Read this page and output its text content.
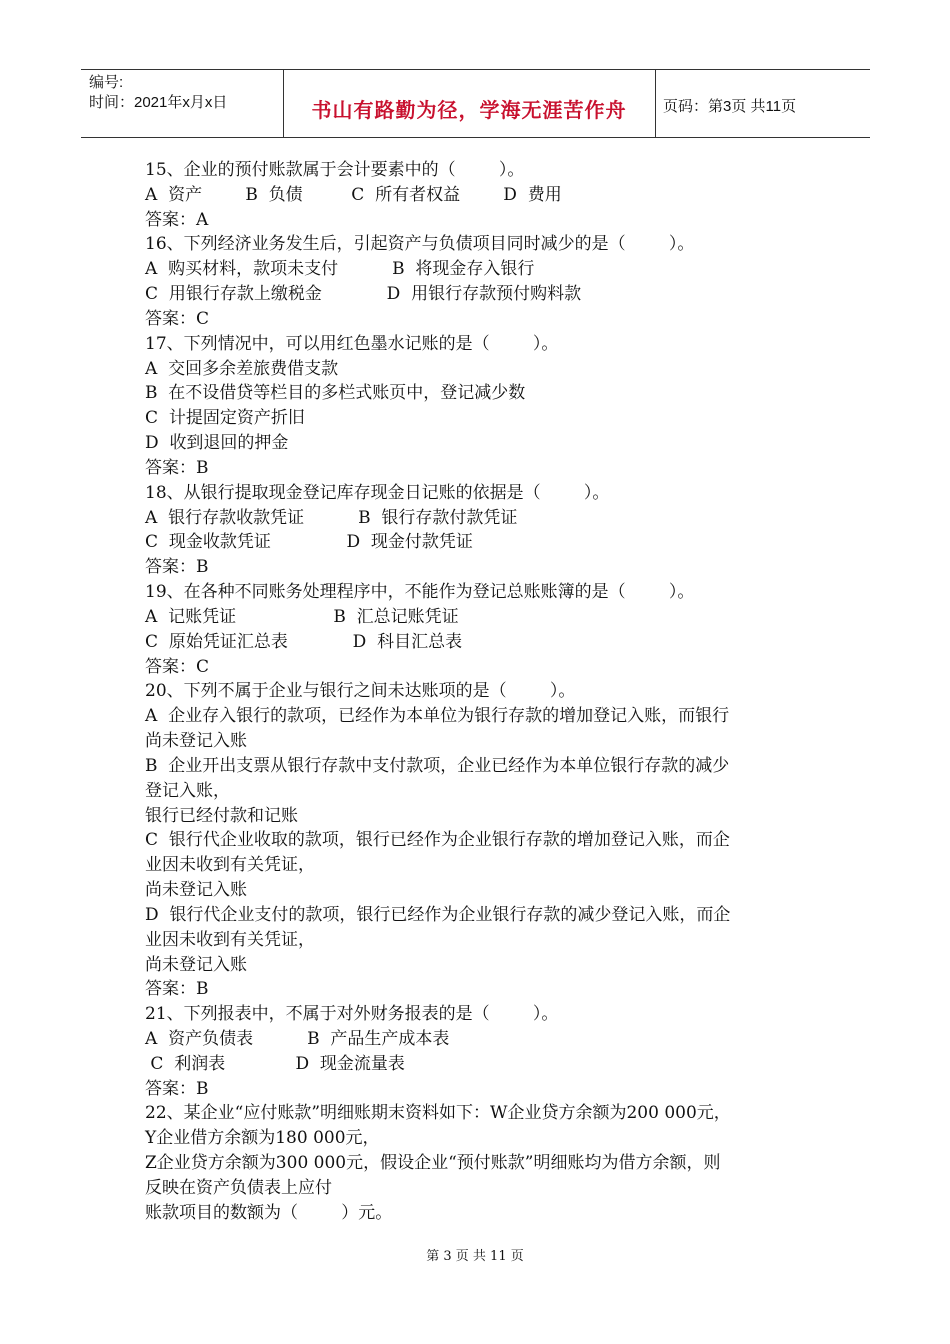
编号:
时间：2021年x月x日	书山有路勤为径，学海无涯苦作舟	页码：第3页 共11页
15、企业的预付账款属于会计要素中的（        ）。
A  资产        B  负债         C  所有者权益        D  费用
答案：A
16、下列经济业务发生后，引起资产与负债项目同时减少的是（        ）。
A  购买材料，款项未支付          B  将现金存入银行
C  用银行存款上缴税金            D  用银行存款预付购料款
答案：C
17、下列情况中，可以用红色墨水记账的是（        ）。
A  交回多余差旅费借支款
B  在不设借贷等栏目的多栏式账页中，登记减少数
C  计提固定资产折旧
D  收到退回的押金
答案：B
18、从银行提取现金登记库存现金日记账的依据是（        ）。
A  银行存款收款凭证          B  银行存款付款凭证
C  现金收款凭证              D  现金付款凭证
答案：B
19、在各种不同账务处理程序中，不能作为登记总账账簿的是（        ）。
A  记账凭证                  B  汇总记账凭证
C  原始凭证汇总表            D  科目汇总表
答案：C
20、下列不属于企业与银行之间未达账项的是（        ）。
A  企业存入银行的款项，已经作为本单位为银行存款的增加登记入账，而银行
尚未登记入账
B  企业开出支票从银行存款中支付款项，企业已经作为本单位银行存款的减少
登记入账，
银行已经付款和记账
C  银行代企业收取的款项，银行已经作为企业银行存款的增加登记入账，而企
业因未收到有关凭证，
尚未登记入账
D  银行代企业支付的款项，银行已经作为企业银行存款的减少登记入账，而企
业因未收到有关凭证，
尚未登记入账
答案：B
21、下列报表中，不属于对外财务报表的是（        ）。
A  资产负债表          B  产品生产成本表
C  利润表             D  现金流量表
答案：B
22、某企业“应付账款”明细账期末资料如下：W企业贷方余额为200 000元，
Y企业借方余额为180 000元，
Z企业贷方余额为300 000元，假设企业“预付账款”明细账均为借方余额，则
反映在资产负债表上应付
账款项目的数额为（        ）元。
第 3 页 共 11 页
